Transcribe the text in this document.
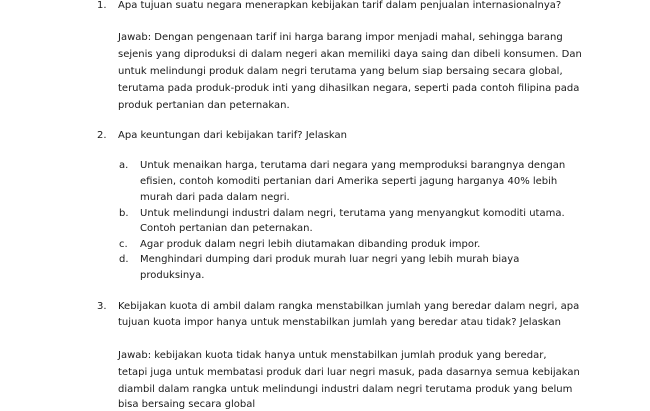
1. Apa tujuan suatu negara menerapkan kebijakan tarif dalam penjualan internasionalnya?
Jawab: Dengan pengenaan tarif ini harga barang impor menjadi mahal, sehingga barang
sejenis yang diproduksi di dalam negeri akan memiliki daya saing dan dibeli konsumen. Dan
untuk melindungi produk dalam negri terutama yang belum siap bersaing secara global,
terutama pada produk-produk inti yang dihasilkan negara, seperti pada contoh filipina pada
produk pertanian dan peternakan.
2. Apa keuntungan dari kebijakan tarif? Jelaskan
a. Untuk menaikan harga, terutama dari negara yang memproduksi barangnya dengan
efisien, contoh komoditi pertanian dari Amerika seperti jagung harganya 40% lebih
murah dari pada dalam negri.
b. Untuk melindungi industri dalam negri, terutama yang menyangkut komoditi utama.
Contoh pertanian dan peternakan.
c. Agar produk dalam negri lebih diutamakan dibanding produk impor.
d. Menghindari dumping dari produk murah luar negri yang lebih murah biaya
produksinya.
3. Kebijakan kuota di ambil dalam rangka menstabilkan jumlah yang beredar dalam negri, apa
tujuan kuota impor hanya untuk menstabilkan jumlah yang beredar atau tidak? Jelaskan
Jawab: kebijakan kuota tidak hanya untuk menstabilkan jumlah produk yang beredar,
tetapi juga untuk membatasi produk dari luar negri masuk, pada dasarnya semua kebijakan
diambil dalam rangka untuk melindungi industri dalam negri terutama produk yang belum
bisa bersaing secara global
